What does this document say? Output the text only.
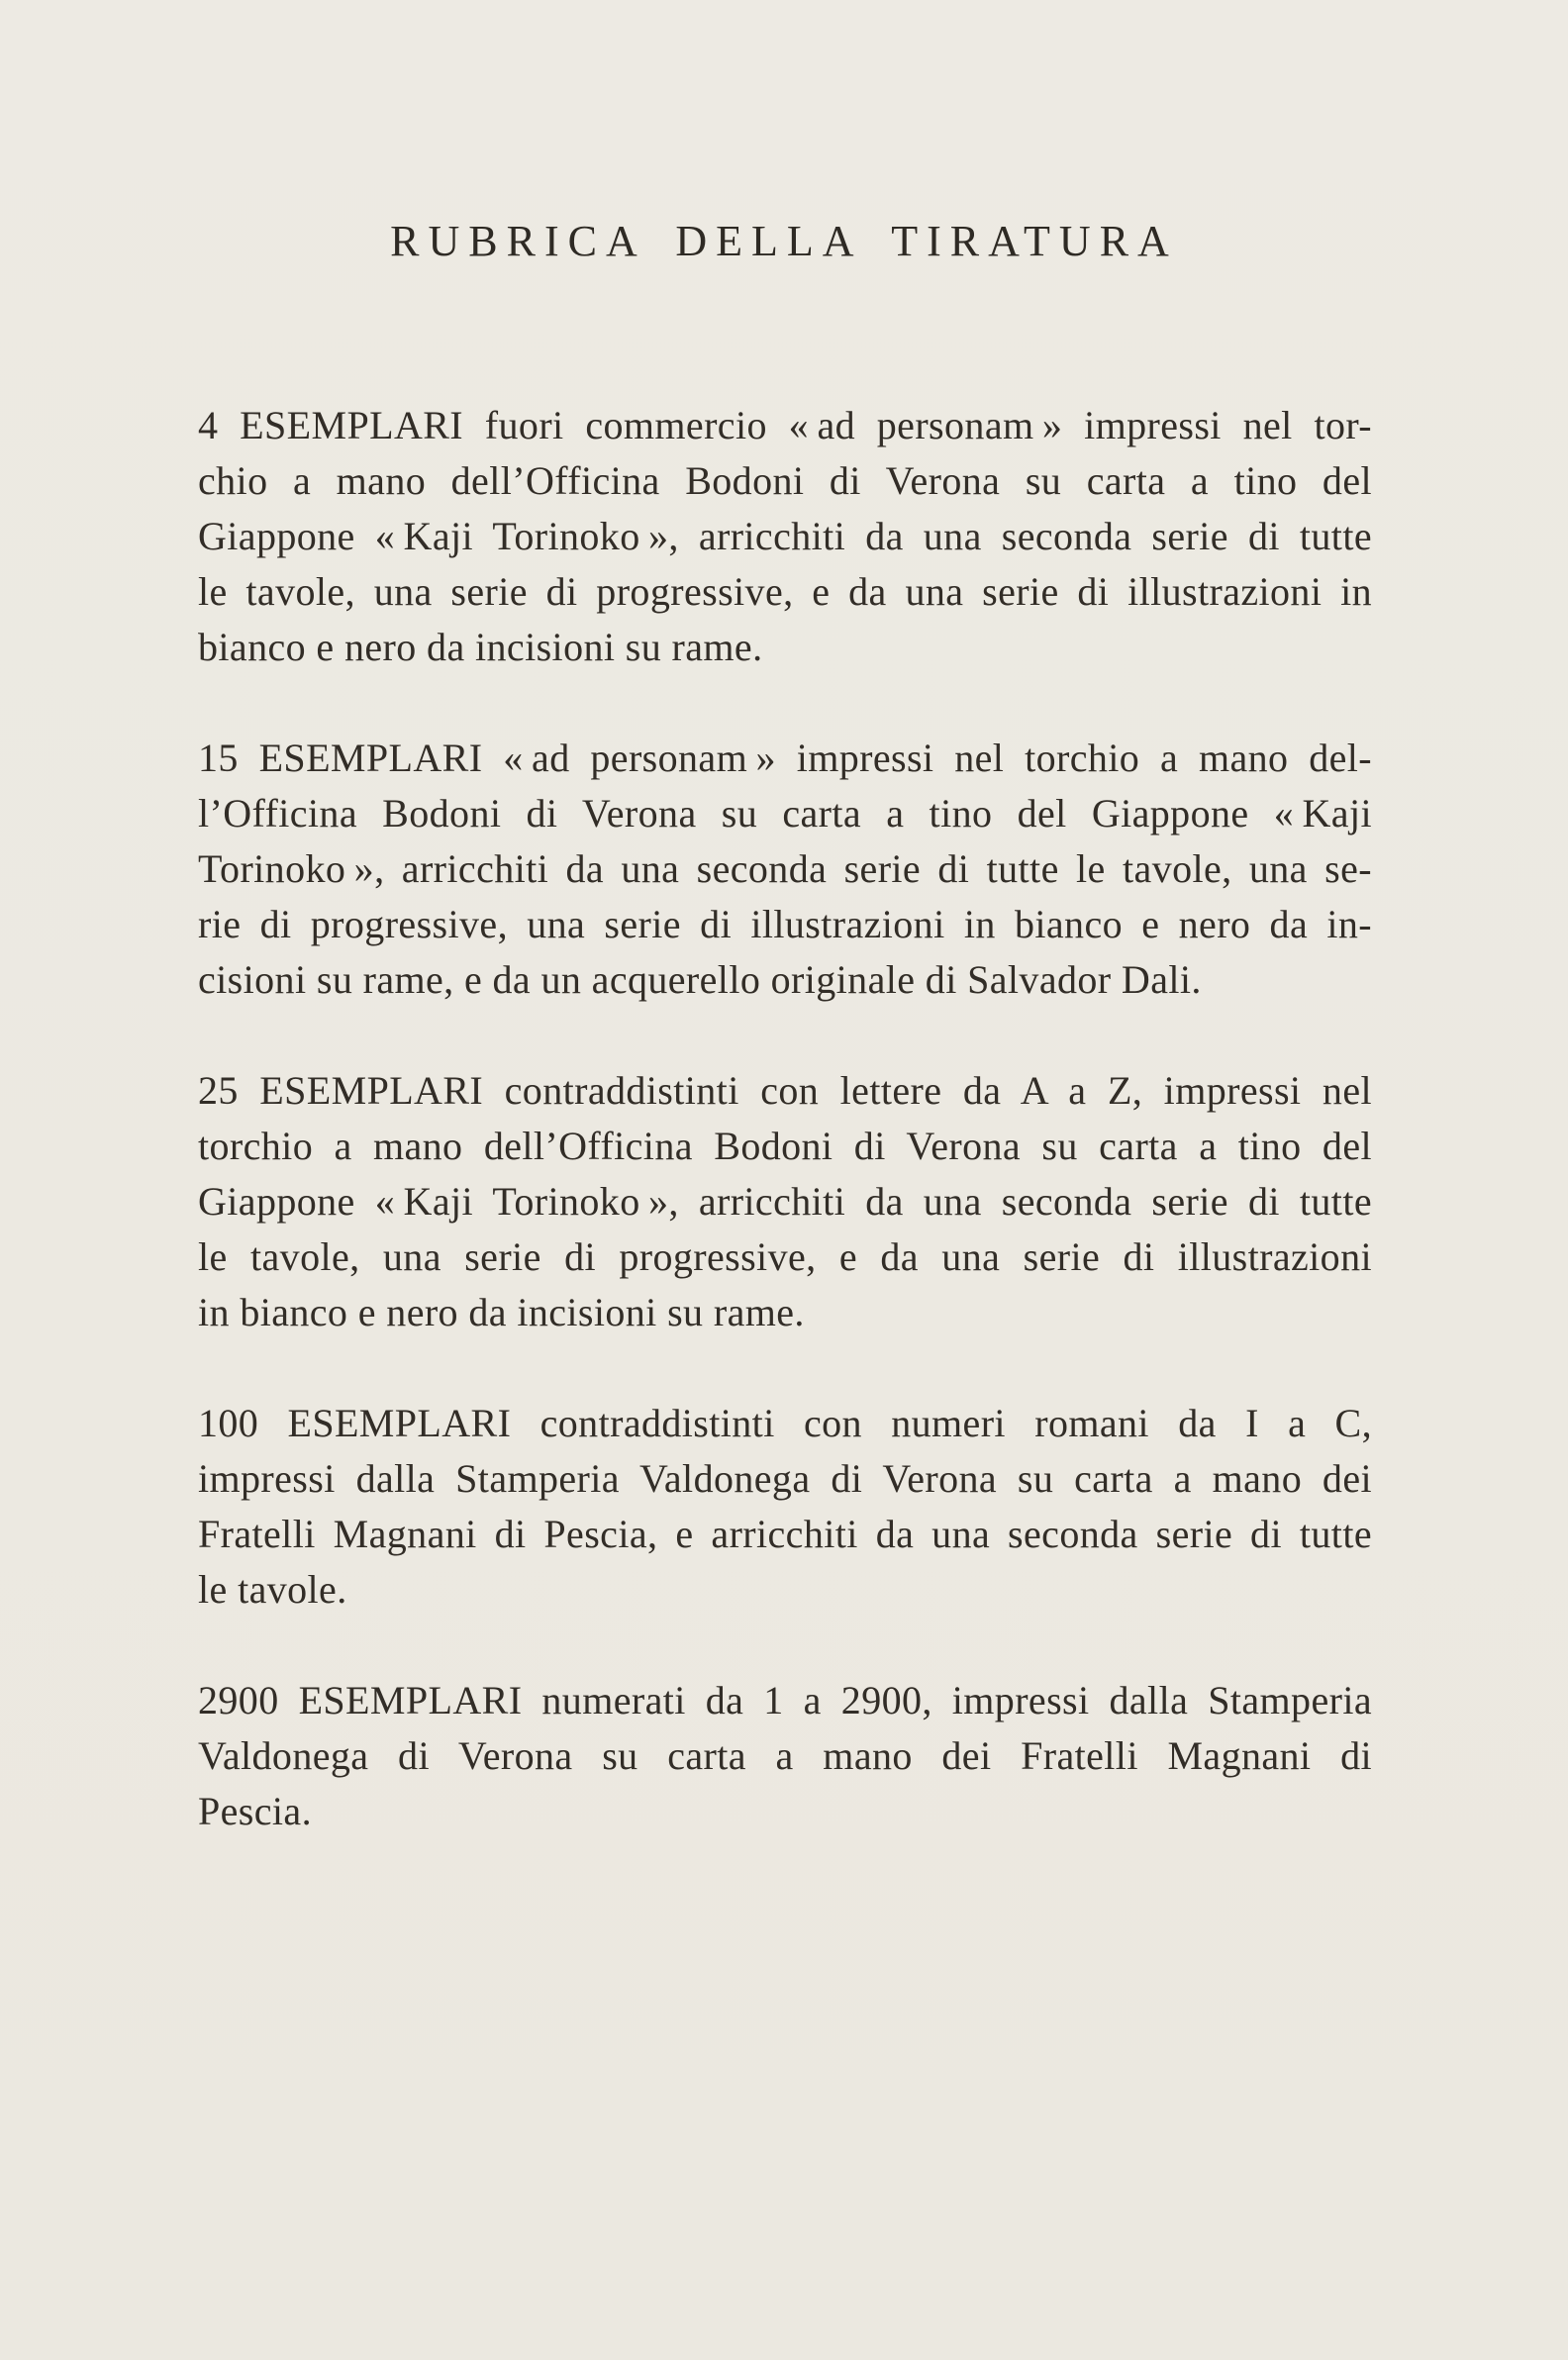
RUBRICA DELLA TIRATURA
4 ESEMPLARI fuori commercio « ad personam » impressi nel tor-
chio a mano dell’Officina Bodoni di Verona su carta a tino del
Giappone « Kaji Torinoko », arricchiti da una seconda serie di tutte
le tavole, una serie di progressive, e da una serie di illustrazioni in
bianco e nero da incisioni su rame.
15 ESEMPLARI « ad personam » impressi nel torchio a mano del-
l’Officina Bodoni di Verona su carta a tino del Giappone « Kaji
Torinoko », arricchiti da una seconda serie di tutte le tavole, una se-
rie di progressive, una serie di illustrazioni in bianco e nero da in-
cisioni su rame, e da un acquerello originale di Salvador Dali.
25 ESEMPLARI contraddistinti con lettere da A a Z, impressi nel
torchio a mano dell’Officina Bodoni di Verona su carta a tino del
Giappone « Kaji Torinoko », arricchiti da una seconda serie di tutte
le tavole, una serie di progressive, e da una serie di illustrazioni
in bianco e nero da incisioni su rame.
100 ESEMPLARI contraddistinti con numeri romani da I a C,
impressi dalla Stamperia Valdonega di Verona su carta a mano dei
Fratelli Magnani di Pescia, e arricchiti da una seconda serie di tutte
le tavole.
2900 ESEMPLARI numerati da 1 a 2900, impressi dalla Stamperia
Valdonega di Verona su carta a mano dei Fratelli Magnani di
Pescia.
